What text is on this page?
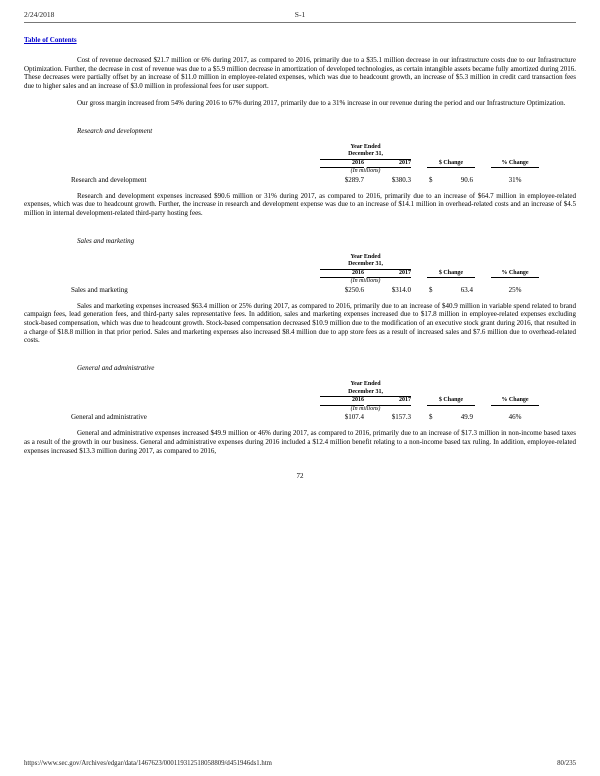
2/24/2018	S-1
Table of Contents

Cost of revenue decreased $21.7 million or 6% during 2017, as compared to 2016, primarily due to a $35.1 million decrease in our infrastructure costs due to our Infrastructure Optimization. Further, the decrease in cost of revenue was due to a $5.9 million decrease in amortization of developed technologies, as certain intangible assets became fully amortized during 2016. These decreases were partially offset by an increase of $11.0 million in employee-related expenses, which was due to headcount growth, an increase of $5.3 million in credit card transaction fees due to higher sales and an increase of $3.0 million in professional fees for user support.

Our gross margin increased from 54% during 2016 to 67% during 2017, primarily due to a 31% increase in our revenue during the period and our Infrastructure Optimization.

Research and development
	Year Ended					
	December 31,					
	2016	2017		$ Change		% Change
	(In millions)					
Research and development	$289.7	$380.3		$ 90.6		31%

Research and development expenses increased $90.6 million or 31% during 2017, as compared to 2016, primarily due to an increase of $64.7 million in employee-related expenses, which was due to headcount growth. Further, the increase in research and development expense was due to an increase of $14.1 million in overhead-related costs and an increase of $4.5 million in internal development-related third-party hosting fees.

Sales and marketing
	Year Ended					
	December 31,					
	2016	2017		$ Change		% Change
	(In millions)					
Sales and marketing	$250.6	$314.0		$ 63.4		25%

Sales and marketing expenses increased $63.4 million or 25% during 2017, as compared to 2016, primarily due to an increase of $40.9 million in variable spend related to brand campaign fees, lead generation fees, and third-party sales representative fees. In addition, sales and marketing expenses increased due to $17.8 million in employee-related expenses excluding stock-based compensation, which was due to headcount growth. Stock-based compensation decreased $10.9 million due to the modification of an executive stock grant during 2016, that resulted in a charge of $18.8 million in that prior period. Sales and marketing expenses also increased $8.4 million due to app store fees as a result of increased sales and $7.6 million due to overhead-related costs.

General and administrative
	Year Ended					
	December 31,					
	2016	2017		$ Change		% Change
	(In millions)					
General and administrative	$107.4	$157.3		$ 49.9		46%

General and administrative expenses increased $49.9 million or 46% during 2017, as compared to 2016, primarily due to an increase of $17.3 million in non-income based taxes as a result of the growth in our business. General and administrative expenses during 2016 included a $12.4 million benefit relating to a non-income based tax ruling. In addition, employee-related expenses increased $13.3 million during 2017, as compared to 2016,

72
https://www.sec.gov/Archives/edgar/data/1467623/000119312518058809/d451946ds1.htm	80/235
